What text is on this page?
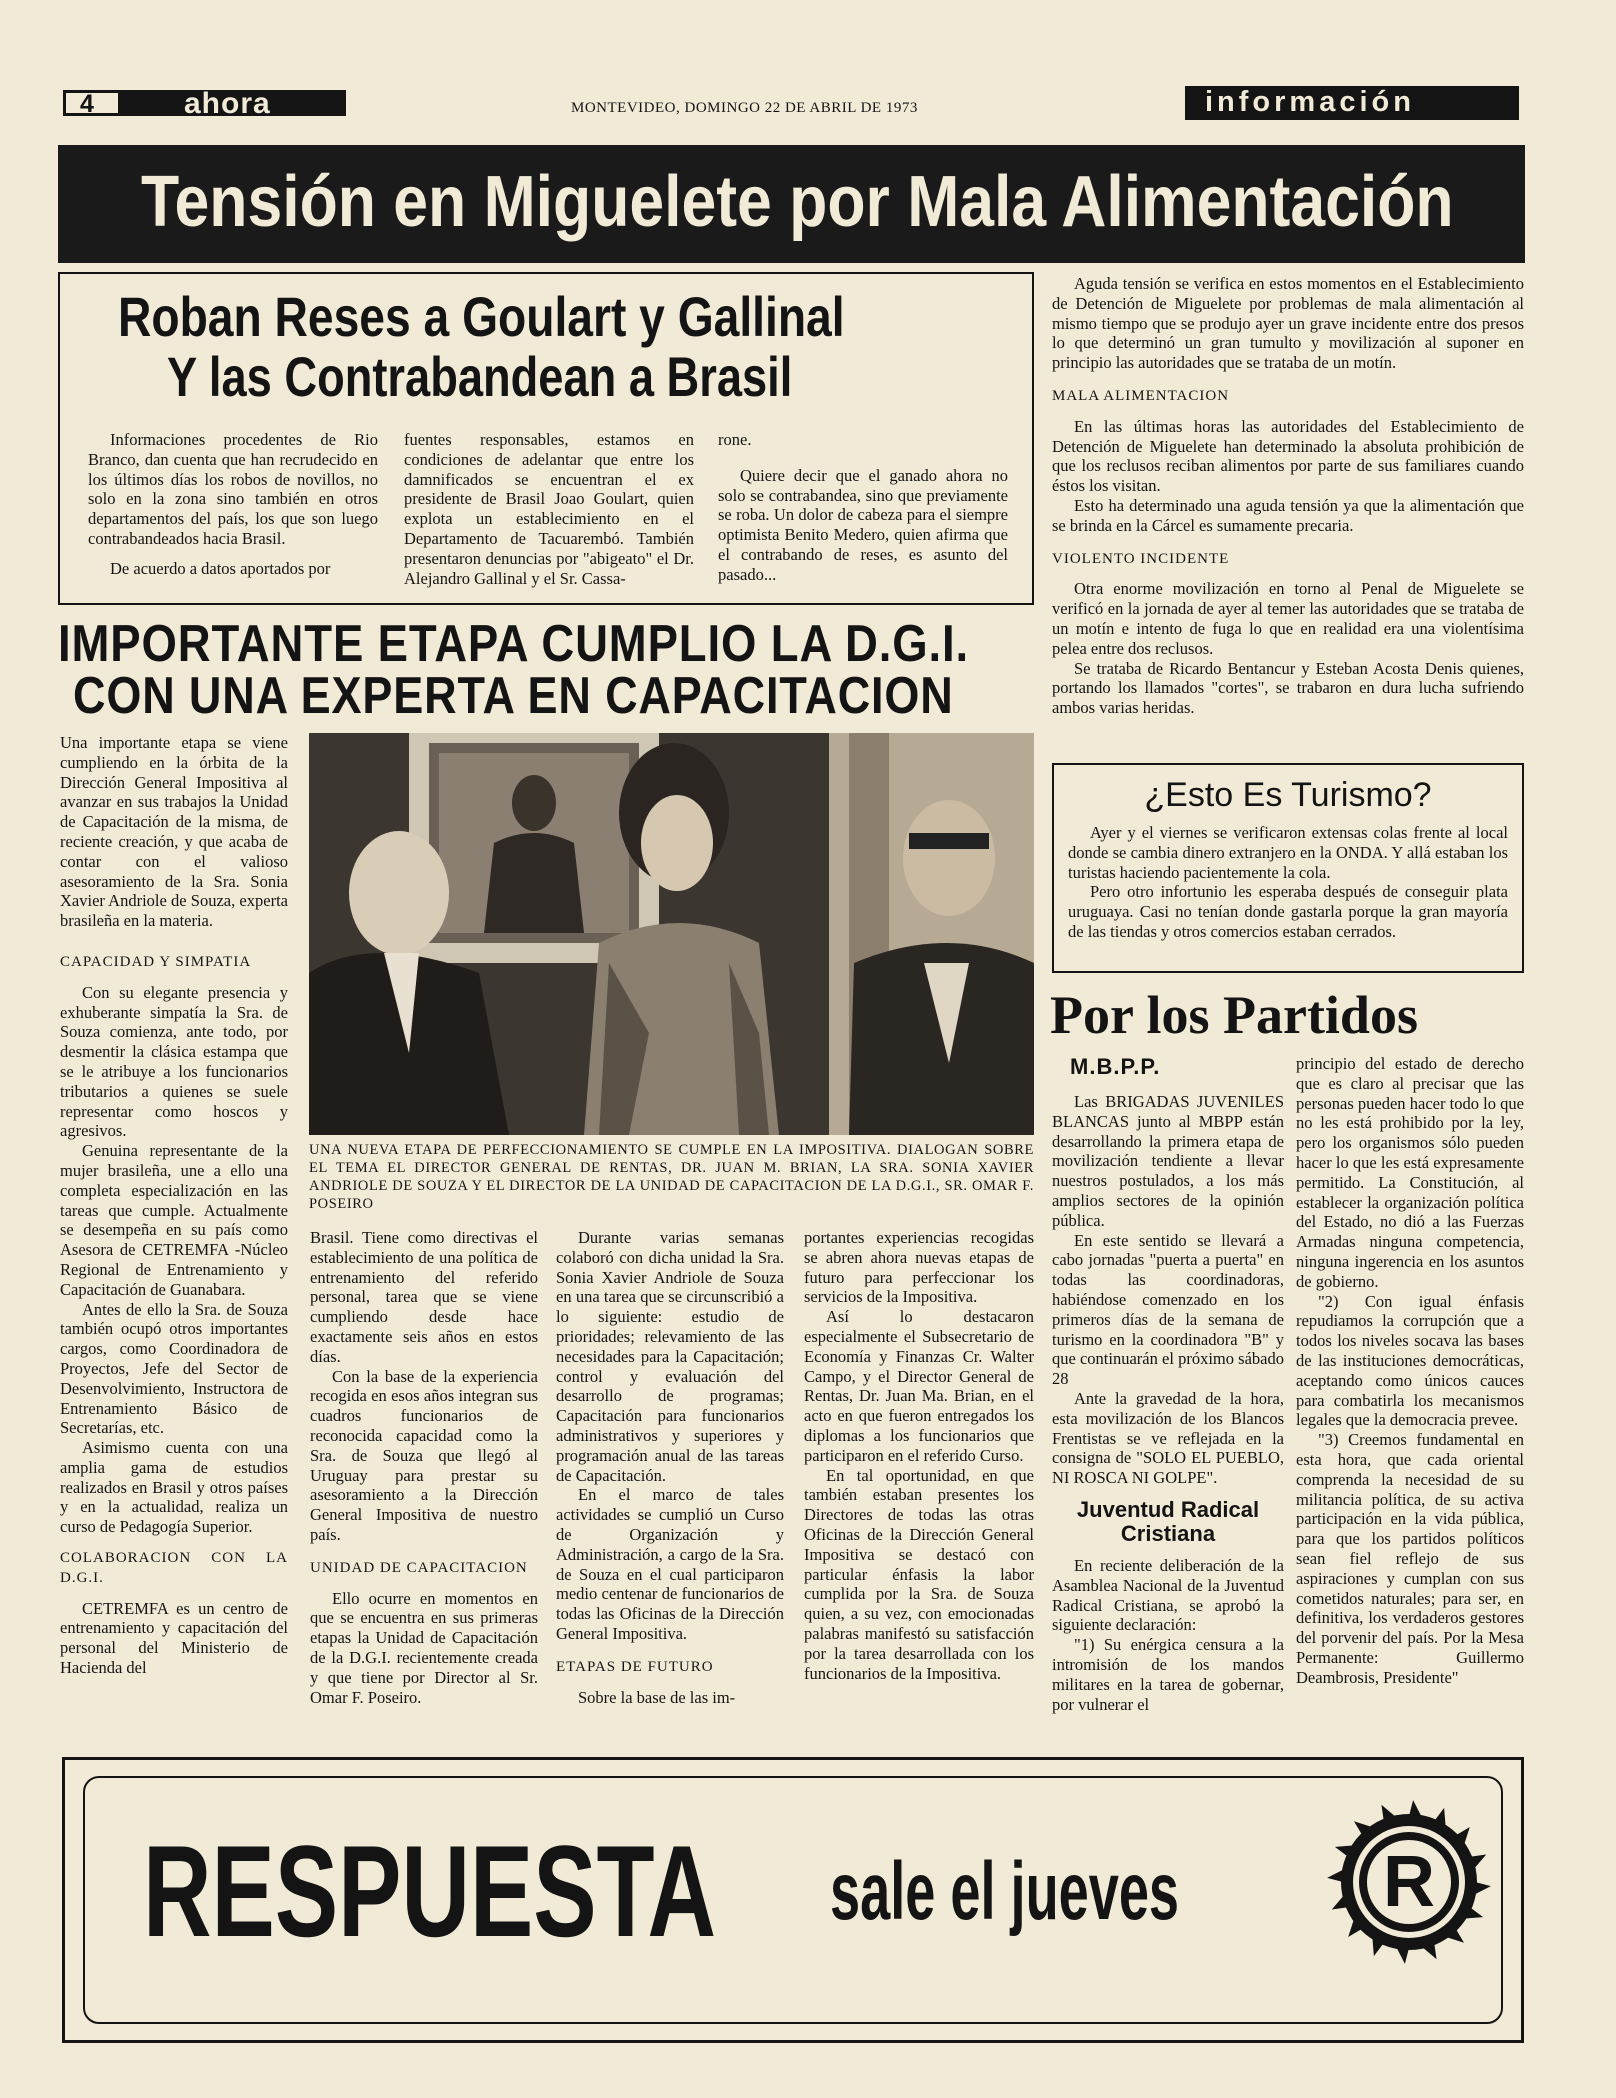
4	ahora	MONTEVIDEO, DOMINGO 22 DE ABRIL DE 1973	información
Tensión en Miguelete por Mala Alimentación
Roban Reses a Goulart y Gallinal
Y las Contrabandean a Brasil

Informaciones procedentes de Rio Branco, dan cuenta que han recrudecido en los últimos días los robos de novillos, no solo en la zona sino también en otros departamentos del país, los que son luego contrabandeados hacia Brasil.

De acuerdo a datos aportados por

fuentes responsables, estamos en condiciones de adelantar que entre los damnificados se encuentran el ex presidente de Brasil Joao Goulart, quien explota un establecimiento en el Departamento de Tacuarembó. También presentaron denuncias por "abigeato" el Dr. Alejandro Gallinal y el Sr. Cassa-

rone.

Quiere decir que el ganado ahora no solo se contrabandea, sino que previamente se roba. Un dolor de cabeza para el siempre optimista Benito Medero, quien afirma que el contrabando de reses, es asunto del pasado...

Aguda tensión se verifica en estos momentos en el Establecimiento de Detención de Miguelete por problemas de mala alimentación al mismo tiempo que se produjo ayer un grave incidente entre dos presos lo que determinó un gran tumulto y movilización al suponer en principio las autoridades que se trataba de un motín.

MALA ALIMENTACION

En las últimas horas las autoridades del Establecimiento de Detención de Miguelete han determinado la absoluta prohibición de que los reclusos reciban alimentos por parte de sus familiares cuando éstos los visitan.

Esto ha determinado una aguda tensión ya que la alimentación que se brinda en la Cárcel es sumamente precaria.

VIOLENTO INCIDENTE

Otra enorme movilización en torno al Penal de Miguelete se verificó en la jornada de ayer al temer las autoridades que se trataba de un motín e intento de fuga lo que en realidad era una violentísima pelea entre dos reclusos.

Se trataba de Ricardo Bentancur y Esteban Acosta Denis quienes, portando los llamados "cortes", se trabaron en dura lucha sufriendo ambos varias heridas.

IMPORTANTE ETAPA CUMPLIO LA D.G.I.
CON UNA EXPERTA EN CAPACITACION

Una importante etapa se viene cumpliendo en la órbita de la Dirección General Impositiva al avanzar en sus trabajos la Unidad de Capacitación de la misma, de reciente creación, y que acaba de contar con el valioso asesoramiento de la Sra. Sonia Xavier Andriole de Souza, experta brasileña en la materia.

CAPACIDAD Y SIMPATIA

Con su elegante presencia y exhuberante simpatía la Sra. de Souza comienza, ante todo, por desmentir la clásica estampa que se le atribuye a los funcionarios tributarios a quienes se suele representar como hoscos y agresivos.

Genuina representante de la mujer brasileña, une a ello una completa especialización en las tareas que cumple. Actualmente se desempeña en su país como Asesora de CETREMFA -Núcleo Regional de Entrenamiento y Capacitación de Guanabara.

Antes de ello la Sra. de Souza también ocupó otros importantes cargos, como Coordinadora de Proyectos, Jefe del Sector de Desenvolvimiento, Instructora de Entrenamiento Básico de Secretarías, etc.

Asimismo cuenta con una amplia gama de estudios realizados en Brasil y otros países y en la actualidad, realiza un curso de Pedagogía Superior.

COLABORACION CON LA D.G.I.

CETREMFA es un centro de entrenamiento y capacitación del personal del Ministerio de Hacienda del

UNA NUEVA ETAPA DE PERFECCIONAMIENTO SE CUMPLE EN LA IMPOSITIVA. DIALOGAN SOBRE EL TEMA EL DIRECTOR GENERAL DE RENTAS, DR. JUAN M. BRIAN, LA SRA. SONIA XAVIER ANDRIOLE DE SOUZA Y EL DIRECTOR DE LA UNIDAD DE CAPACITACION DE LA D.G.I., SR. OMAR F. POSEIRO

Brasil. Tiene como directivas el establecimiento de una política de entrenamiento del referido personal, tarea que se viene cumpliendo desde hace exactamente seis años en estos días.

Con la base de la experiencia recogida en esos años integran sus cuadros funcionarios de reconocida capacidad como la Sra. de Souza que llegó al Uruguay para prestar su asesoramiento a la Dirección General Impositiva de nuestro país.

UNIDAD DE CAPACITACION

Ello ocurre en momentos en que se encuentra en sus primeras etapas la Unidad de Capacitación de la D.G.I. recientemente creada y que tiene por Director al Sr. Omar F. Poseiro.

Durante varias semanas colaboró con dicha unidad la Sra. Sonia Xavier Andriole de Souza en una tarea que se circunscribió a lo siguiente: estudio de prioridades; relevamiento de las necesidades para la Capacitación; control y evaluación del desarrollo de programas; Capacitación para funcionarios administrativos y superiores y programación anual de las tareas de Capacitación.

En el marco de tales actividades se cumplió un Curso de Organización y Administración, a cargo de la Sra. de Souza en el cual participaron medio centenar de funcionarios de todas las Oficinas de la Dirección General Impositiva.

ETAPAS DE FUTURO

Sobre la base de las im-

portantes experiencias recogidas se abren ahora nuevas etapas de futuro para perfeccionar los servicios de la Impositiva.

Así lo destacaron especialmente el Subsecretario de Economía y Finanzas Cr. Walter Campo, y el Director General de Rentas, Dr. Juan Ma. Brian, en el acto en que fueron entregados los diplomas a los funcionarios que participaron en el referido Curso.

En tal oportunidad, en que también estaban presentes los Directores de todas las otras Oficinas de la Dirección General Impositiva se destacó con particular énfasis la labor cumplida por la Sra. de Souza quien, a su vez, con emocionadas palabras manifestó su satisfacción por la tarea desarrollada con los funcionarios de la Impositiva.

¿Esto Es Turismo?

Ayer y el viernes se verificaron extensas colas frente al local donde se cambia dinero extranjero en la ONDA. Y allá estaban los turistas haciendo pacientemente la cola.

Pero otro infortunio les esperaba después de conseguir plata uruguaya. Casi no tenían donde gastarla porque la gran mayoría de las tiendas y otros comercios estaban cerrados.

Por los Partidos

M.B.P.P.

Las BRIGADAS JUVENILES BLANCAS junto al MBPP están desarrollando la primera etapa de movilización tendiente a llevar nuestros postulados, a los más amplios sectores de la opinión pública.

En este sentido se llevará a cabo jornadas "puerta a puerta" en todas las coordinadoras, habiéndose comenzado en los primeros días de la semana de turismo en la coordinadora "B" y que continuarán el próximo sábado 28

Ante la gravedad de la hora, esta movilización de los Blancos Frentistas se ve reflejada en la consigna de "SOLO EL PUEBLO, NI ROSCA NI GOLPE".

Juventud Radical Cristiana

En reciente deliberación de la Asamblea Nacional de la Juventud Radical Cristiana, se aprobó la siguiente declaración:

"1) Su enérgica censura a la intromisión de los mandos militares en la tarea de gobernar, por vulnerar el

principio del estado de derecho que es claro al precisar que las personas pueden hacer todo lo que no les está prohibido por la ley, pero los organismos sólo pueden hacer lo que les está expresamente permitido. La Constitución, al establecer la organización política del Estado, no dió a las Fuerzas Armadas ninguna competencia, ninguna ingerencia en los asuntos de gobierno.

"2) Con igual énfasis repudiamos la corrupción que a todos los niveles socava las bases de las instituciones democráticas, aceptando como únicos cauces para combatirla los mecanismos legales que la democracia prevee.

"3) Creemos fundamental en esta hora, que cada oriental comprenda la necesidad de su militancia política, de su activa participación en la vida pública, para que los partidos políticos sean fiel reflejo de sus aspiraciones y cumplan con sus cometidos naturales; para ser, en definitiva, los verdaderos gestores del porvenir del país. Por la Mesa Permanente: Guillermo Deambrosis, Presidente"

RESPUESTA sale el jueves	R
